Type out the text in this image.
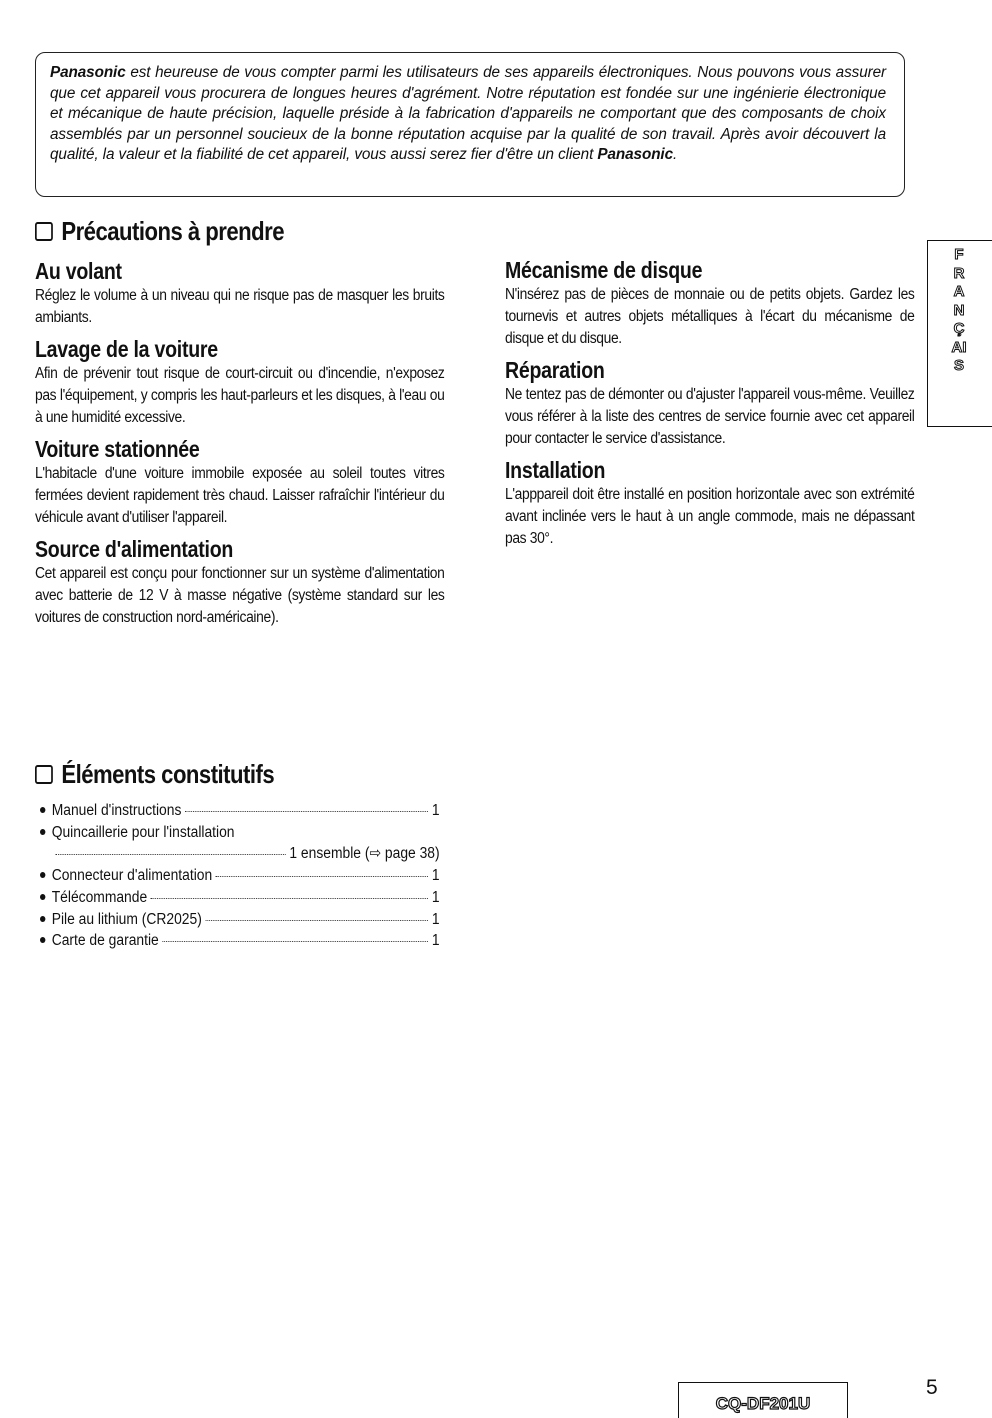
Panasonic est heureuse de vous compter parmi les utilisateurs de ses appareils électroniques. Nous pouvons vous assurer que cet appareil vous procurera de longues heures d'agrément. Notre réputation est fondée sur une ingénierie électronique et mécanique de haute précision, laquelle préside à la fabrication d'appareils ne comportant que des composants de choix assemblés par un personnel soucieux de la bonne réputation acquise par la qualité de son travail. Après avoir découvert la qualité, la valeur et la fiabilité de cet appareil, vous aussi serez fier d'être un client Panasonic.
Précautions à prendre
Au volant
Réglez le volume à un niveau qui ne risque pas de masquer les bruits ambiants.
Lavage de la voiture
Afin de prévenir tout risque de court-circuit ou d'incendie, n'exposez pas l'équipement, y compris les haut-parleurs et les disques, à l'eau ou à une humidité excessive.
Voiture stationnée
L'habitacle d'une voiture immobile exposée au soleil toutes vitres fermées devient rapidement très chaud. Laisser rafraîchir l'intérieur du véhicule avant d'utiliser l'appareil.
Source d'alimentation
Cet appareil est conçu pour fonctionner sur un système d'alimentation avec batterie de 12 V à masse négative (système standard sur les voitures de construction nord-américaine).
Mécanisme de disque
N'insérez pas de pièces de monnaie ou de petits objets. Gardez les tournevis et autres objets métalliques à l'écart du mécanisme de disque et du disque.
Réparation
Ne tentez pas de démonter ou d'ajuster l'appareil vous-même. Veuillez vous référer à la liste des centres de service fournie avec cet appareil pour contacter le service d'assistance.
Installation
L'apppareil doit être installé en position horizontale avec son extrémité avant inclinée vers le haut à un angle commode, mais ne dépassant pas 30°.
FRANÇAIS
Éléments constitutifs
Manuel d'instructions	1
Quincaillerie pour l'installation
1 ensemble (⇨ page 38)
Connecteur d'alimentation	1
Télécommande	1
Pile au lithium (CR2025)	1
Carte de garantie	1
CQ-DF201U
5
